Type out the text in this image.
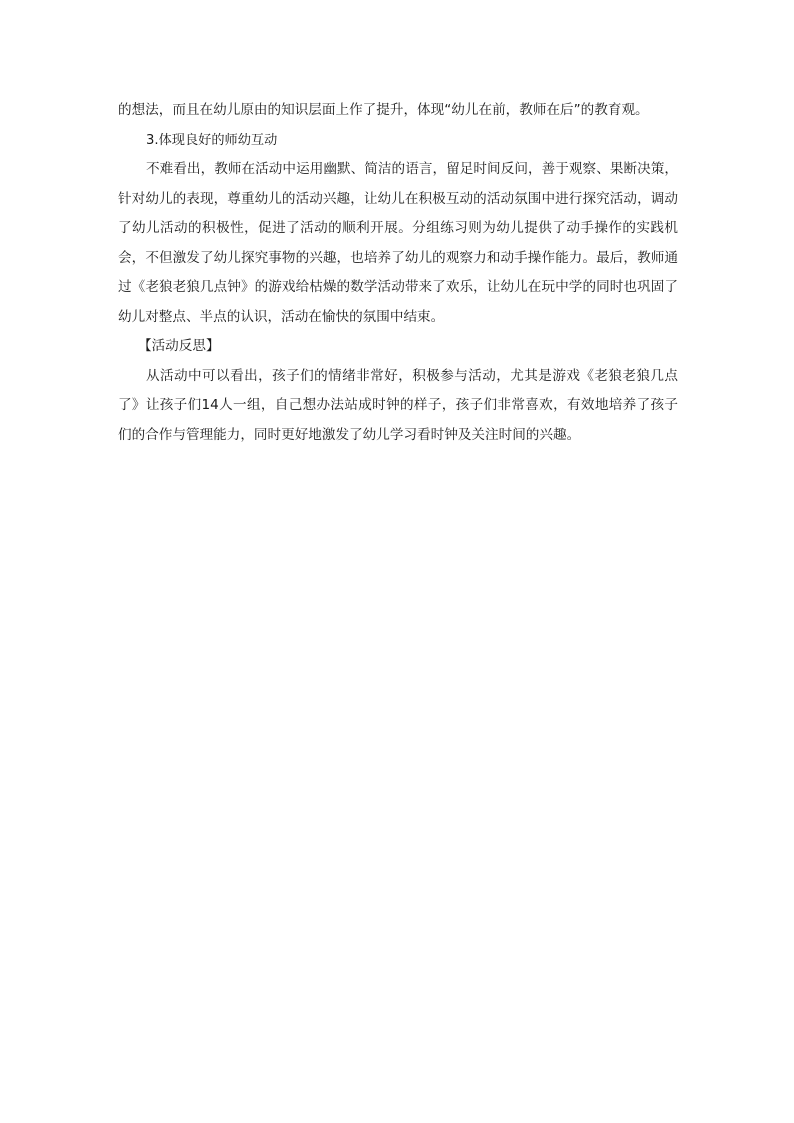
的想法，而且在幼儿原由的知识层面上作了提升，体现“幼儿在前，教师在后”的教育观。

3.体现良好的师幼互动

不难看出，教师在活动中运用幽默、简洁的语言，留足时间反问，善于观察、果断决策，针对幼儿的表现，尊重幼儿的活动兴趣，让幼儿在积极互动的活动氛围中进行探究活动，调动了幼儿活动的积极性，促进了活动的顺利开展。分组练习则为幼儿提供了动手操作的实践机会，不但激发了幼儿探究事物的兴趣，也培养了幼儿的观察力和动手操作能力。最后，教师通过《老狼老狼几点钟》的游戏给枯燥的数学活动带来了欢乐，让幼儿在玩中学的同时也巩固了幼儿对整点、半点的认识，活动在愉快的氛围中结束。

【活动反思】

从活动中可以看出，孩子们的情绪非常好，积极参与活动，尤其是游戏《老狼老狼几点了》让孩子们14人一组，自己想办法站成时钟的样子，孩子们非常喜欢，有效地培养了孩子们的合作与管理能力，同时更好地激发了幼儿学习看时钟及关注时间的兴趣。
